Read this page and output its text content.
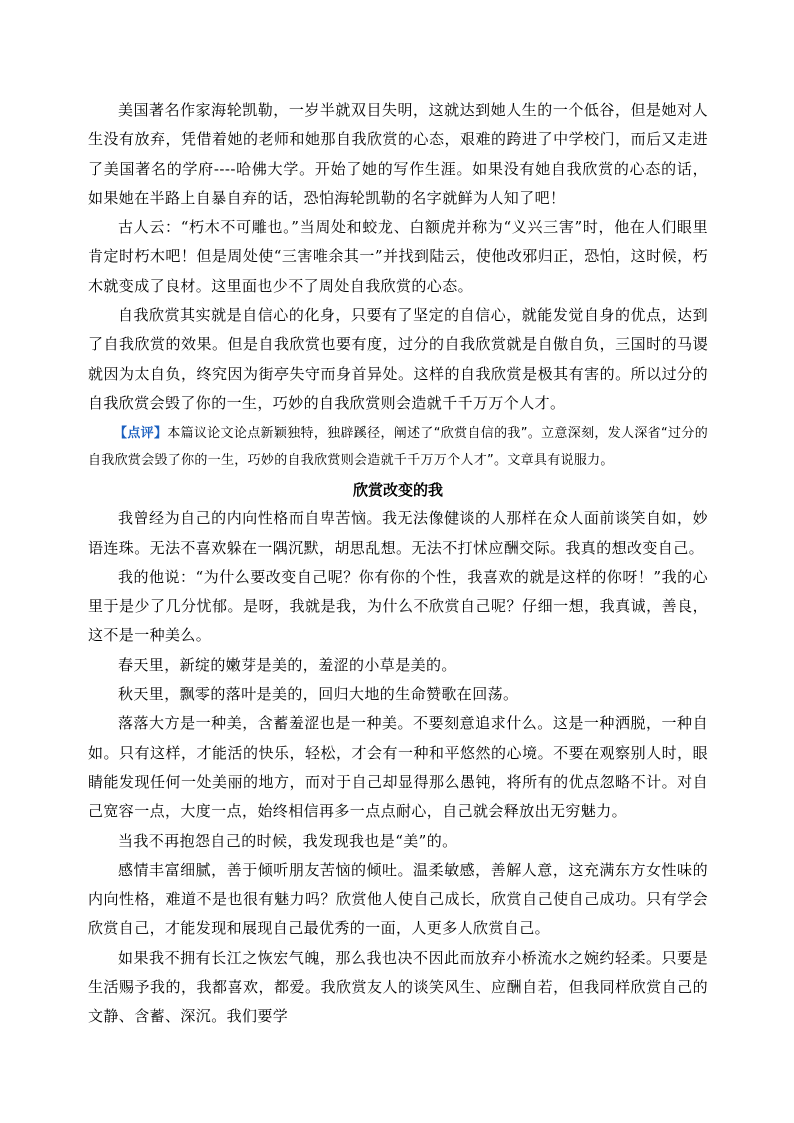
美国著名作家海轮凯勒，一岁半就双目失明，这就达到她人生的一个低谷，但是她对人生没有放弃，凭借着她的老师和她那自我欣赏的心态，艰难的跨进了中学校门，而后又走进了美国著名的学府----哈佛大学。开始了她的写作生涯。如果没有她自我欣赏的心态的话，如果她在半路上自暴自弃的话，恐怕海轮凯勒的名字就鲜为人知了吧！

古人云：“朽木不可雕也。”当周处和蛟龙、白额虎并称为“义兴三害”时，他在人们眼里肯定时朽木吧！但是周处使“三害唯余其一”并找到陆云，使他改邪归正，恐怕，这时候，朽木就变成了良材。这里面也少不了周处自我欣赏的心态。

自我欣赏其实就是自信心的化身，只要有了坚定的自信心，就能发觉自身的优点，达到了自我欣赏的效果。但是自我欣赏也要有度，过分的自我欣赏就是自傲自负，三国时的马谡就因为太自负，终究因为街亭失守而身首异处。这样的自我欣赏是极其有害的。所以过分的自我欣赏会毁了你的一生，巧妙的自我欣赏则会造就千千万万个人才。

【点评】本篇议论文论点新颖独特，独辟蹊径，阐述了“欣赏自信的我”。立意深刻，发人深省“过分的自我欣赏会毁了你的一生，巧妙的自我欣赏则会造就千千万万个人才”。文章具有说服力。

欣赏改变的我

我曾经为自己的内向性格而自卑苦恼。我无法像健谈的人那样在众人面前谈笑自如，妙语连珠。无法不喜欢躲在一隅沉默，胡思乱想。无法不打怵应酬交际。我真的想改变自己。

我的他说：“为什么要改变自己呢？你有你的个性，我喜欢的就是这样的你呀！”我的心里于是少了几分忧郁。是呀，我就是我，为什么不欣赏自己呢？仔细一想，我真诚，善良，这不是一种美么。

春天里，新绽的嫩芽是美的，羞涩的小草是美的。

秋天里，飘零的落叶是美的，回归大地的生命赞歌在回荡。

落落大方是一种美，含蓄羞涩也是一种美。不要刻意追求什么。这是一种洒脱，一种自如。只有这样，才能活的快乐，轻松，才会有一种和平悠然的心境。不要在观察别人时，眼睛能发现任何一处美丽的地方，而对于自己却显得那么愚钝，将所有的优点忽略不计。对自己宽容一点，大度一点，始终相信再多一点点耐心，自己就会释放出无穷魅力。

当我不再抱怨自己的时候，我发现我也是“美”的。

感情丰富细腻，善于倾听朋友苦恼的倾吐。温柔敏感，善解人意，这充满东方女性味的内向性格，难道不是也很有魅力吗？欣赏他人使自己成长，欣赏自己使自己成功。只有学会欣赏自己，才能发现和展现自己最优秀的一面，人更多人欣赏自己。

如果我不拥有长江之恢宏气魄，那么我也决不因此而放弃小桥流水之婉约轻柔。只要是生活赐予我的，我都喜欢，都爱。我欣赏友人的谈笑风生、应酬自若，但我同样欣赏自己的文静、含蓄、深沉。我们要学
